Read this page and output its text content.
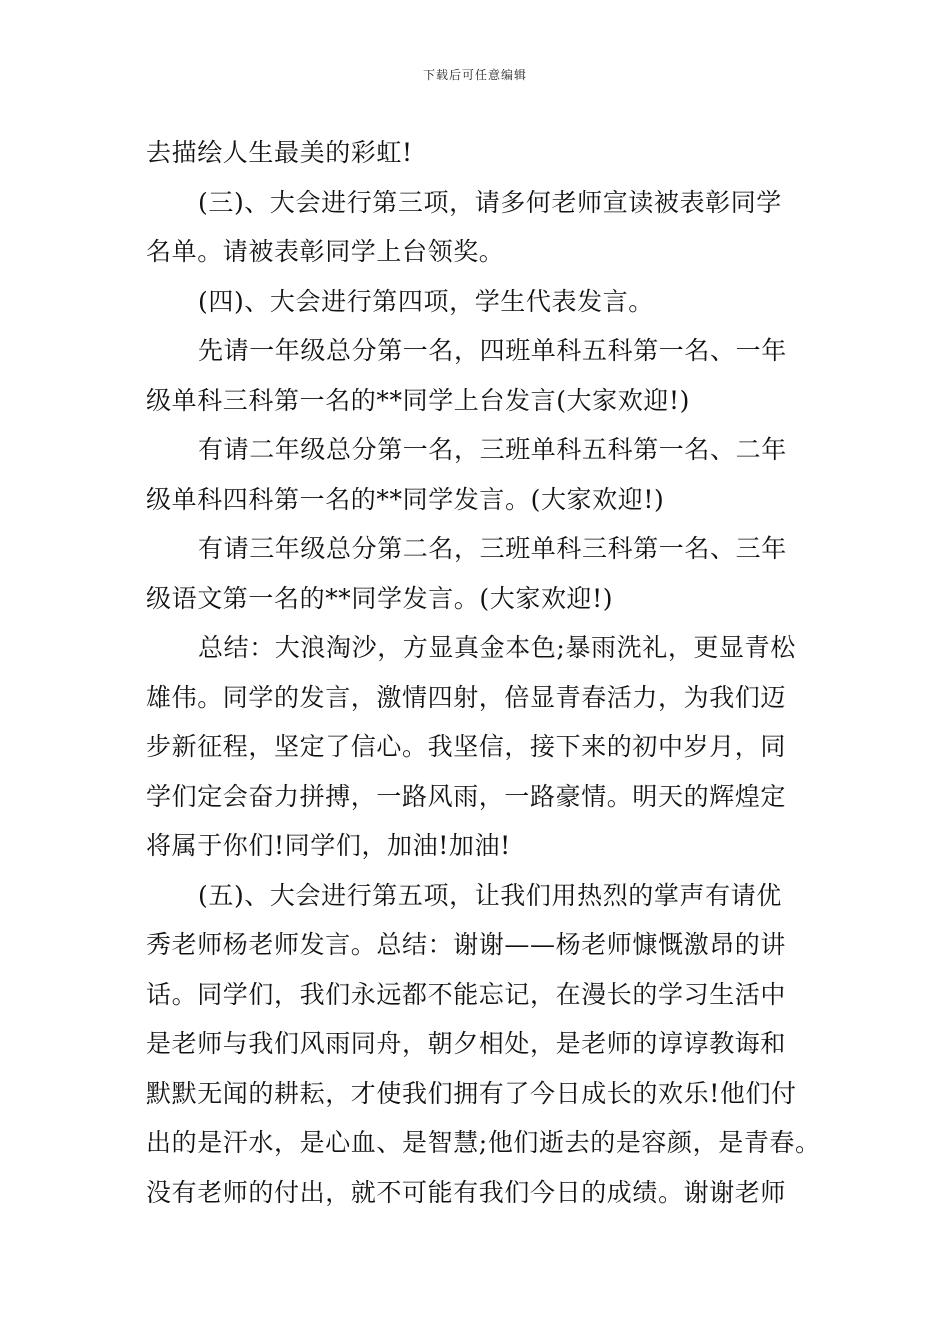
下载后可任意编辑
去描绘人生最美的彩虹!
(三)、大会进行第三项，请多何老师宣读被表彰同学
名单。请被表彰同学上台领奖。
(四)、大会进行第四项，学生代表发言。
先请一年级总分第一名，四班单科五科第一名、一年
级单科三科第一名的**同学上台发言(大家欢迎!)
有请二年级总分第一名，三班单科五科第一名、二年
级单科四科第一名的**同学发言。(大家欢迎!)
有请三年级总分第二名，三班单科三科第一名、三年
级语文第一名的**同学发言。(大家欢迎!)
总结：大浪淘沙，方显真金本色;暴雨洗礼，更显青松
雄伟。同学的发言，激情四射，倍显青春活力，为我们迈
步新征程，坚定了信心。我坚信，接下来的初中岁月，同
学们定会奋力拼搏，一路风雨，一路豪情。明天的辉煌定
将属于你们!同学们，加油!加油!
(五)、大会进行第五项，让我们用热烈的掌声有请优
秀老师杨老师发言。总结：谢谢——杨老师慷慨激昂的讲
话。同学们，我们永远都不能忘记，在漫长的学习生活中
是老师与我们风雨同舟，朝夕相处，是老师的谆谆教诲和
默默无闻的耕耘，才使我们拥有了今日成长的欢乐!他们付
出的是汗水，是心血、是智慧;他们逝去的是容颜，是青春。
没有老师的付出，就不可能有我们今日的成绩。谢谢老师
